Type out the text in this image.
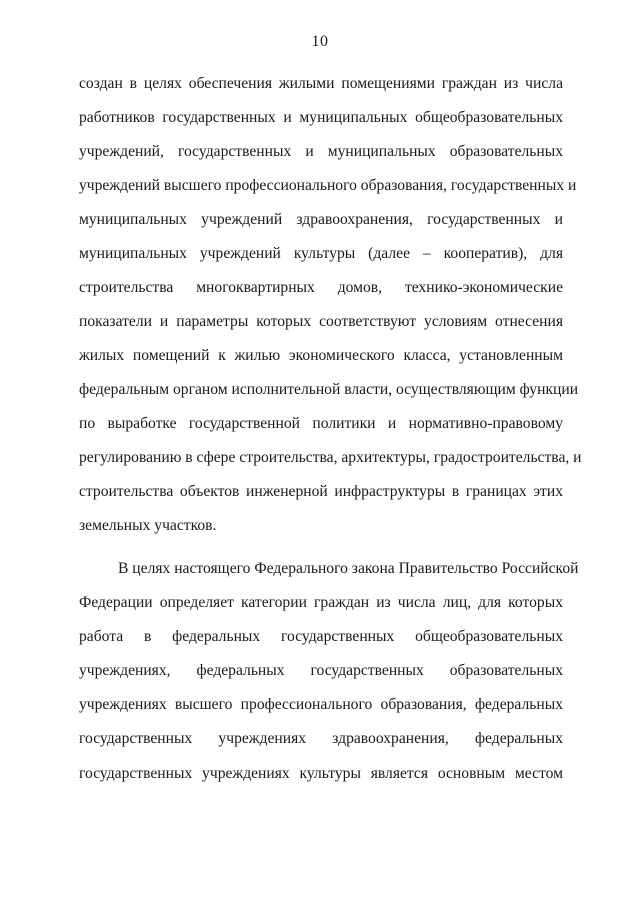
10
создан в целях обеспечения жилыми помещениями граждан из числа
работников государственных и муниципальных общеобразовательных
учреждений, государственных и муниципальных образовательных
учреждений высшего профессионального образования, государственных и
муниципальных учреждений здравоохранения, государственных и
муниципальных учреждений культуры (далее – кооператив), для
строительства многоквартирных домов, технико-экономические
показатели и параметры которых соответствуют условиям отнесения
жилых помещений к жилью экономического класса, установленным
федеральным органом исполнительной власти, осуществляющим функции
по выработке государственной политики и нормативно-правовому
регулированию в сфере строительства, архитектуры, градостроительства, и
строительства объектов инженерной инфраструктуры в границах этих
земельных участков.
В целях настоящего Федерального закона Правительство Российской
Федерации определяет категории граждан из числа лиц, для которых
работа в федеральных государственных общеобразовательных
учреждениях, федеральных государственных образовательных
учреждениях высшего профессионального образования, федеральных
государственных учреждениях здравоохранения, федеральных
государственных учреждениях культуры является основным местом
